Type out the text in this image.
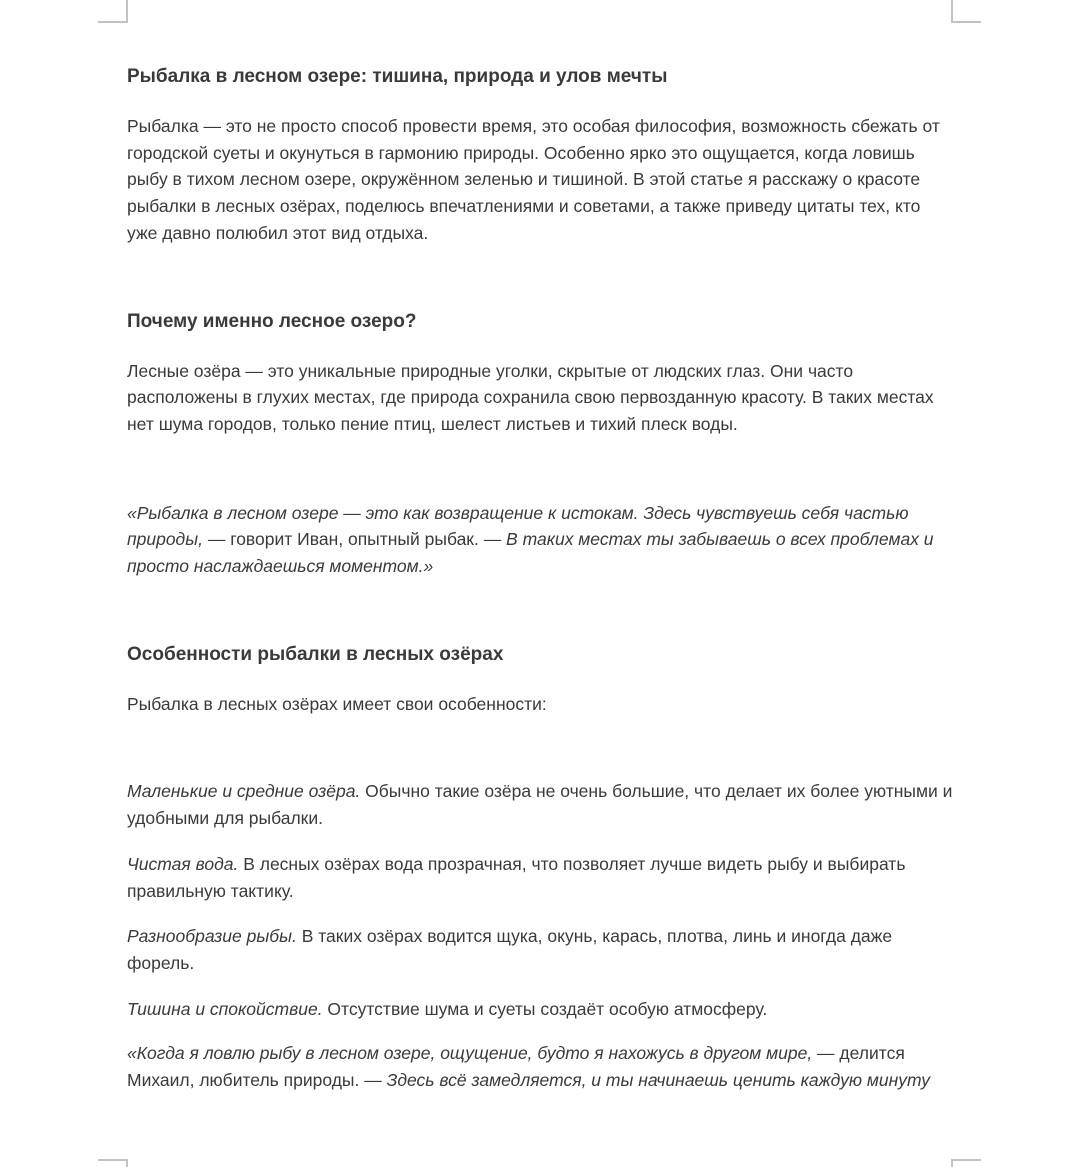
Рыбалка в лесном озере: тишина, природа и улов мечты

Рыбалка — это не просто способ провести время, это особая философия, возможность сбежать от городской суеты и окунуться в гармонию природы. Особенно ярко это ощущается, когда ловишь рыбу в тихом лесном озере, окружённом зеленью и тишиной. В этой статье я расскажу о красоте рыбалки в лесных озёрах, поделюсь впечатлениями и советами, а также приведу цитаты тех, кто уже давно полюбил этот вид отдыха.

Почему именно лесное озеро?

Лесные озёра — это уникальные природные уголки, скрытые от людских глаз. Они часто расположены в глухих местах, где природа сохранила свою первозданную красоту. В таких местах нет шума городов, только пение птиц, шелест листьев и тихий плеск воды.

«Рыбалка в лесном озере — это как возвращение к истокам. Здесь чувствуешь себя частью природы, — говорит Иван, опытный рыбак. — В таких местах ты забываешь о всех проблемах и просто наслаждаешься моментом.»

Особенности рыбалки в лесных озёрах

Рыбалка в лесных озёрах имеет свои особенности:

Маленькие и средние озёра. Обычно такие озёра не очень большие, что делает их более уютными и удобными для рыбалки.

Чистая вода. В лесных озёрах вода прозрачная, что позволяет лучше видеть рыбу и выбирать правильную тактику.

Разнообразие рыбы. В таких озёрах водится щука, окунь, карась, плотва, линь и иногда даже форель.

Тишина и спокойствие. Отсутствие шума и суеты создаёт особую атмосферу.

«Когда я ловлю рыбу в лесном озере, ощущение, будто я нахожусь в другом мире, — делится Михаил, любитель природы. — Здесь всё замедляется, и ты начинаешь ценить каждую минуту
